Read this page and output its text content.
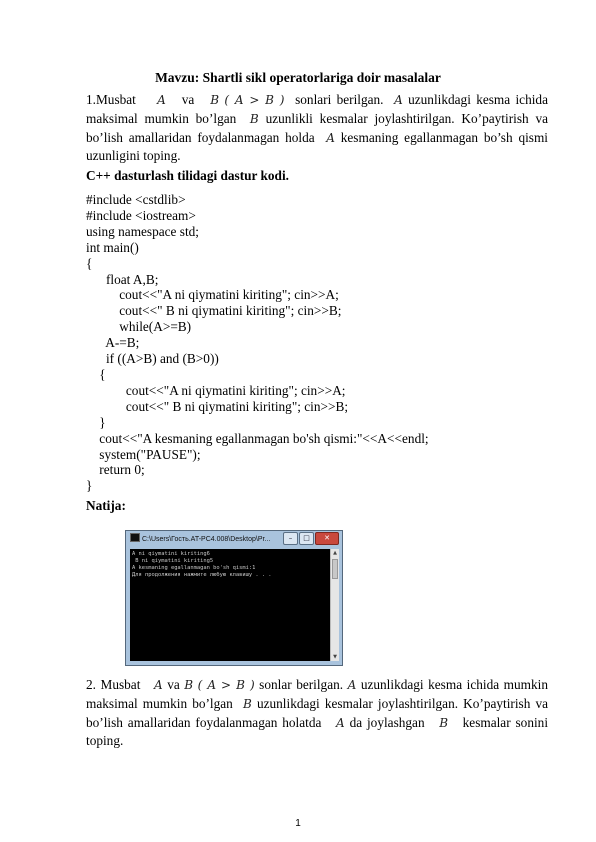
Mavzu: Shartli sikl operatorlariga doir masalalar

1.Musbat A va B ( A > B ) sonlari berilgan. A uzunlikdagi kesma ichida maksimal mumkin bo’lgan B uzunlikli kesmalar joylashtirilgan. Ko’paytirish va bo’lish amallaridan foydalanmagan holda A kesmaning egallanmagan bo’sh qismi uzunligini toping.

C++ dasturlash tilidagi dastur kodi.
#include <cstdlib>
#include <iostream>
using namespace std;
int main()
{
float A,B;
cout<<"A ni qiymatini kiriting"; cin>>A;
cout<<" B ni qiymatini kiriting"; cin>>B;
while(A>=B)
A-=B;
if ((A>B) and (B>0))
{
cout<<"A ni qiymatini kiriting"; cin>>A;
cout<<" B ni qiymatini kiriting"; cin>>B;
}
cout<<"A kesmaning egallanmagan bo'sh qismi:"<<A<<endl;
system("PAUSE");
return 0;
}
Natija:
C:\Users\Гость.AT-PC4.008\Desktop\Pr...	–	□	✕
A ni qiymatini kiriting6
B ni qiymatini kiriting5
A kesmaning egallanmagan bo'sh qismi:1
Для продолжения нажмите любую клавишу . . .
▲
▼

2. Musbat A va B ( A > B ) sonlar berilgan. A uzunlikdagi kesma ichida mumkin maksimal mumkin bo’lgan B uzunlikdagi kesmalar joylashtirilgan. Ko’paytirish va bo’lish amallaridan foydalanmagan holatda A da joylashgan B kesmalar sonini toping.

1
